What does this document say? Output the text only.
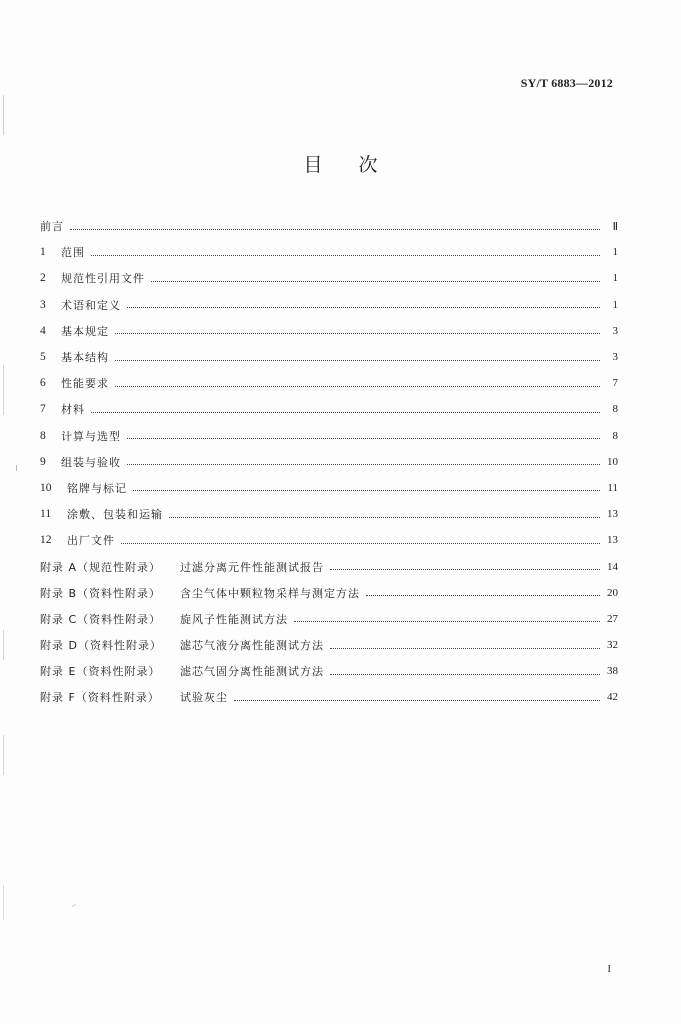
SY/T 6883—2012
目次
前言	Ⅱ
1	范围	1
2	规范性引用文件	1
3	术语和定义	1
4	基本规定	3
5	基本结构	3
6	性能要求	7
7	材料	8
8	计算与选型	8
9	组装与验收	10
10	铭牌与标记	11
11	涂敷、包装和运输	13
12	出厂文件	13
附录 A（规范性附录）	过滤分离元件性能测试报告	14
附录 B（资料性附录）	含尘气体中颗粒物采样与测定方法	20
附录 C（资料性附录）	旋风子性能测试方法	27
附录 D（资料性附录）	滤芯气液分离性能测试方法	32
附录 E（资料性附录）	滤芯气固分离性能测试方法	38
附录 F（资料性附录）	试验灰尘	42
I
